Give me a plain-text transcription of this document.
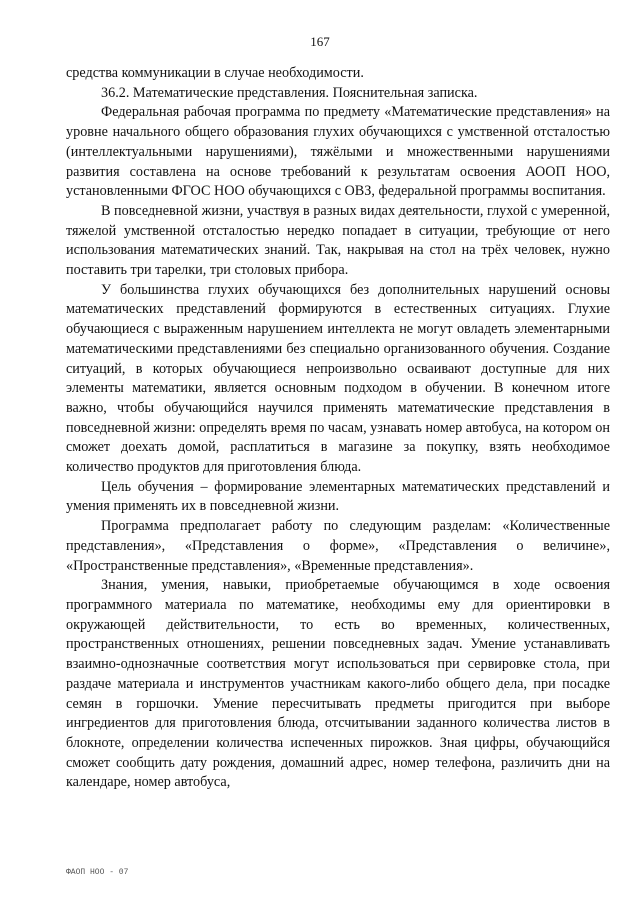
167

средства коммуникации в случае необходимости.

36.2. Математические представления. Пояснительная записка.

Федеральная рабочая программа по предмету «Математические представления» на уровне начального общего образования глухих обучающихся с умственной отсталостью (интеллектуальными нарушениями), тяжёлыми и множественными нарушениями развития составлена на основе требований к результатам освоения АООП НОО, установленными ФГОС НОО обучающихся с ОВЗ, федеральной программы воспитания.

В повседневной жизни, участвуя в разных видах деятельности, глухой с умеренной, тяжелой умственной отсталостью нередко попадает в ситуации, требующие от него использования математических знаний. Так, накрывая на стол на трёх человек, нужно поставить три тарелки, три столовых прибора.

У большинства глухих обучающихся без дополнительных нарушений основы математических представлений формируются в естественных ситуациях. Глухие обучающиеся с выраженным нарушением интеллекта не могут овладеть элементарными математическими представлениями без специально организованного обучения. Создание ситуаций, в которых обучающиеся непроизвольно осваивают доступные для них элементы математики, является основным подходом в обучении. В конечном итоге важно, чтобы обучающийся научился применять математические представления в повседневной жизни: определять время по часам, узнавать номер автобуса, на котором он сможет доехать домой, расплатиться в магазине за покупку, взять необходимое количество продуктов для приготовления блюда.

Цель обучения – формирование элементарных математических представлений и умения применять их в повседневной жизни.

Программа предполагает работу по следующим разделам: «Количественные представления», «Представления о форме», «Представления о величине», «Пространственные представления», «Временные представления».

Знания, умения, навыки, приобретаемые обучающимся в ходе освоения программного материала по математике, необходимы ему для ориентировки в окружающей действительности, то есть во временных, количественных, пространственных отношениях, решении повседневных задач. Умение устанавливать взаимно-однозначные соответствия могут использоваться при сервировке стола, при раздаче материала и инструментов участникам какого-либо общего дела, при посадке семян в горшочки. Умение пересчитывать предметы пригодится при выборе ингредиентов для приготовления блюда, отсчитывании заданного количества листов в блокноте, определении количества испеченных пирожков. Зная цифры, обучающийся сможет сообщить дату рождения, домашний адрес, номер телефона, различить дни на календаре, номер автобуса,

ФАОП НОО - 07
